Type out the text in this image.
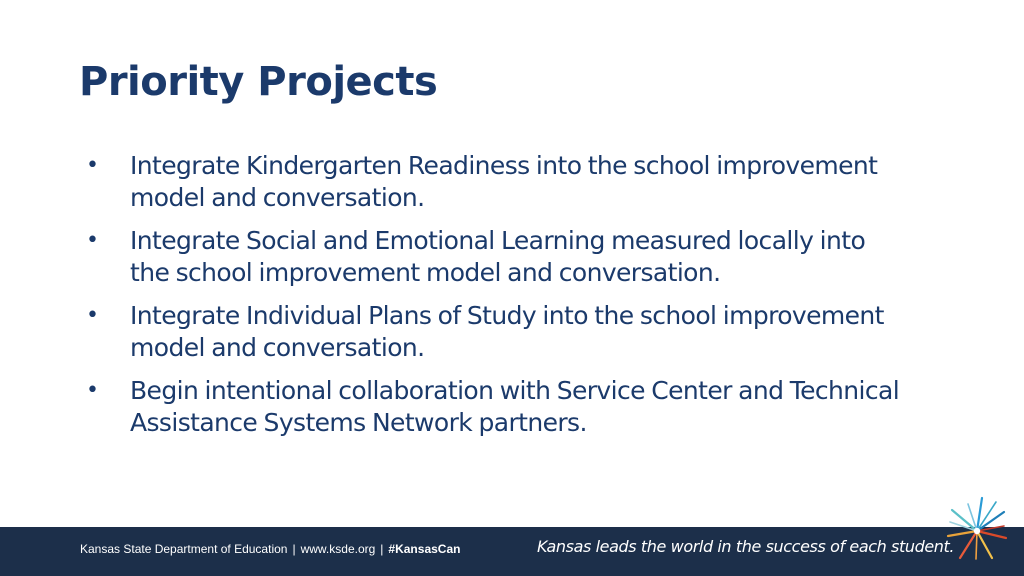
Priority Projects
• Integrate Kindergarten Readiness into the school improvement model and conversation.
• Integrate Social and Emotional Learning measured locally into the school improvement model and conversation.
• Integrate Individual Plans of Study into the school improvement model and conversation.
• Begin intentional collaboration with Service Center and Technical Assistance Systems Network partners.
Kansas State Department of Education | www.ksde.org | #KansasCan	Kansas leads the world in the success of each student.
